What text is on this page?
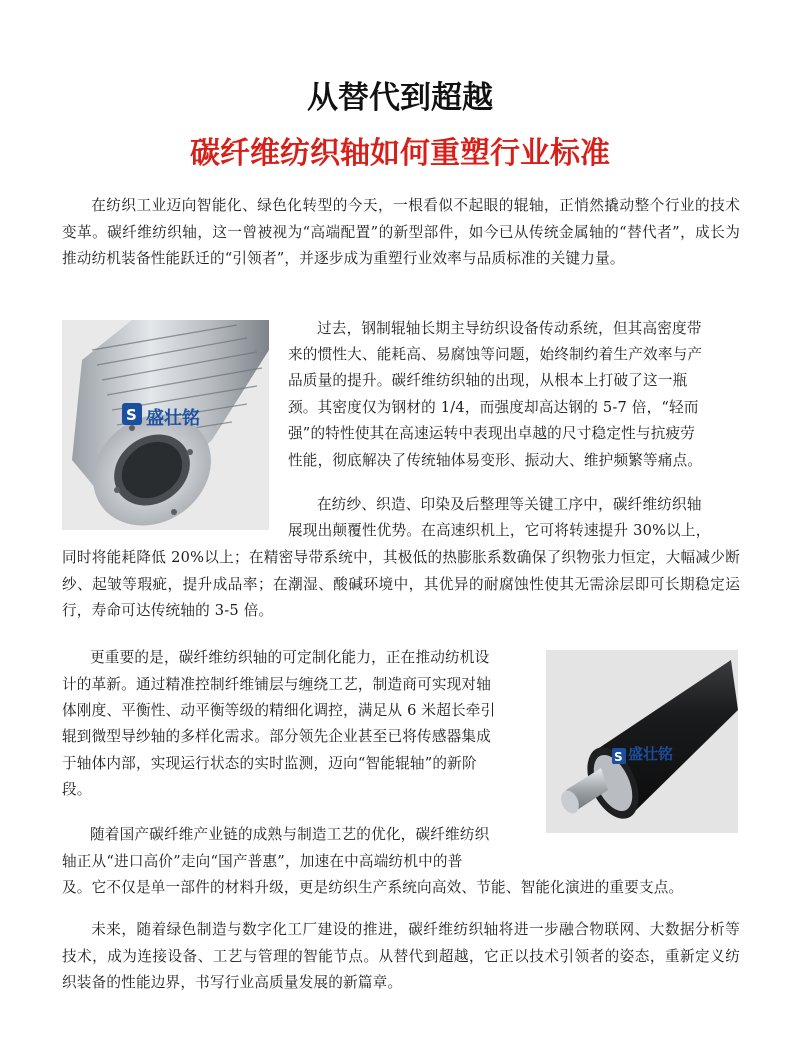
从替代到超越
碳纤维纺织轴如何重塑行业标准
在纺织工业迈向智能化、绿色化转型的今天，一根看似不起眼的辊轴，正悄然撬动整个行业的技术变革。碳纤维纺织轴，这一曾被视为“高端配置”的新型部件，如今已从传统金属轴的“替代者”，成长为推动纺机装备性能跃迁的“引领者”，并逐步成为重塑行业效率与品质标准的关键力量。
S 盛壮铭
过去，钢制辊轴长期主导纺织设备传动系统，但其高密度带
来的惯性大、能耗高、易腐蚀等问题，始终制约着生产效率与产
品质量的提升。碳纤维纺织轴的出现，从根本上打破了这一瓶
颈。其密度仅为钢材的 1/4，而强度却高达钢的 5-7 倍，“轻而
强”的特性使其在高速运转中表现出卓越的尺寸稳定性与抗疲劳
性能，彻底解决了传统轴体易变形、振动大、维护频繁等痛点。
在纺纱、织造、印染及后整理等关键工序中，碳纤维纺织轴
展现出颠覆性优势。在高速织机上，它可将转速提升 30%以上，
同时将能耗降低 20%以上；在精密导带系统中，其极低的热膨胀系数确保了织物张力恒定，大幅减少断纱、起皱等瑕疵，提升成品率；在潮湿、酸碱环境中，其优异的耐腐蚀性使其无需涂层即可长期稳定运行，寿命可达传统轴的 3-5 倍。
更重要的是，碳纤维纺织轴的可定制化能力，正在推动纺机设
计的革新。通过精准控制纤维铺层与缠绕工艺，制造商可实现对轴
体刚度、平衡性、动平衡等级的精细化调控，满足从 6 米超长牵引
辊到微型导纱轴的多样化需求。部分领先企业甚至已将传感器集成
于轴体内部，实现运行状态的实时监测，迈向“智能辊轴”的新阶
段。
S 盛壮铭
随着国产碳纤维产业链的成熟与制造工艺的优化，碳纤维纺织
轴正从“进口高价”走向“国产普惠”，加速在中高端纺机中的普
及。它不仅是单一部件的材料升级，更是纺织生产系统向高效、节能、智能化演进的重要支点。
未来，随着绿色制造与数字化工厂建设的推进，碳纤维纺织轴将进一步融合物联网、大数据分析等技术，成为连接设备、工艺与管理的智能节点。从替代到超越，它正以技术引领者的姿态，重新定义纺织装备的性能边界，书写行业高质量发展的新篇章。
